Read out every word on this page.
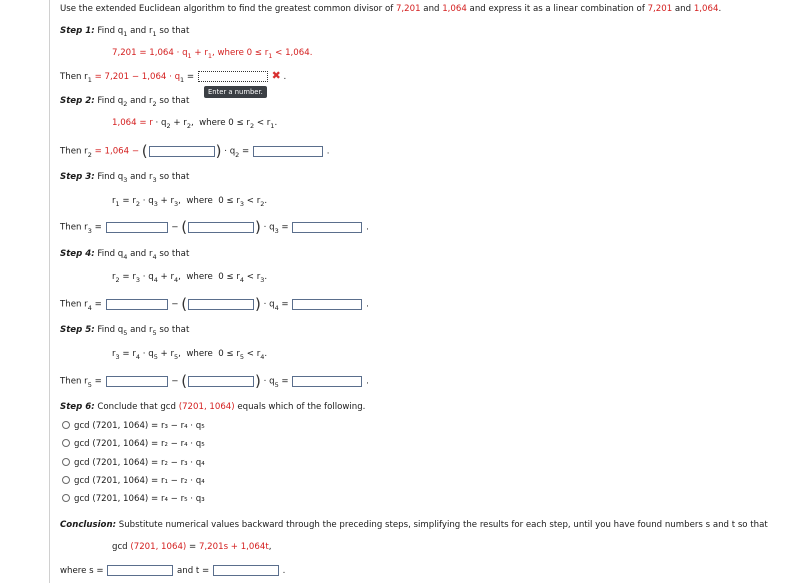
Use the extended Euclidean algorithm to find the greatest common divisor of 7,201 and 1,064 and express it as a linear combination of 7,201 and 1,064.
Step 1: Find $q_1$ and $r_1$ so that
$7,201 = 1,064 \cdot q_1 + r_1$, where $0 \le r_1 < 1,064$.
Then $r_1 = 7,201 - 1,064 \cdot q_1$ =	✖ .
Enter a number.
Step 2: Find $q_2$ and $r_2$ so that
$1,064 = r \cdot q_2 + r_2$,  where $0 \le r_2 < r_1$.
Then $r_2 = 1,064$ − (	) · $q_2$ =	.
Step 3: Find $q_3$ and $r_3$ so that
$r_1 = r_2 \cdot q_3 + r_3$,  where  $0 \le r_3 < r_2$.
Then $r_3$ =	− (	) · $q_3$ =	.
Step 4: Find $q_4$ and $r_4$ so that
$r_2 = r_3 \cdot q_4 + r_4$,  where  $0 \le r_4 < r_3$.
Then $r_4$ =	− (	) · $q_4$ =	.
Step 5: Find $q_5$ and $r_5$ so that
$r_3 = r_4 \cdot q_5 + r_5$,  where  $0 \le r_5 < r_4$.
Then $r_5$ =	− (	) · $q_5$ =	.
Step 6: Conclude that gcd (7201, 1064) equals which of the following.
gcd (7201, 1064) = r₃ − r₄ · q₅
gcd (7201, 1064) = r₂ − r₄ · q₅
gcd (7201, 1064) = r₂ − r₃ · q₄
gcd (7201, 1064) = r₁ − r₂ · q₄
gcd (7201, 1064) = r₄ − r₅ · q₃
Conclusion: Substitute numerical values backward through the preceding steps, simplifying the results for each step, until you have found numbers s and t so that
gcd (7201, 1064) = 7,201s + 1,064t,
where s =	and t =	.
